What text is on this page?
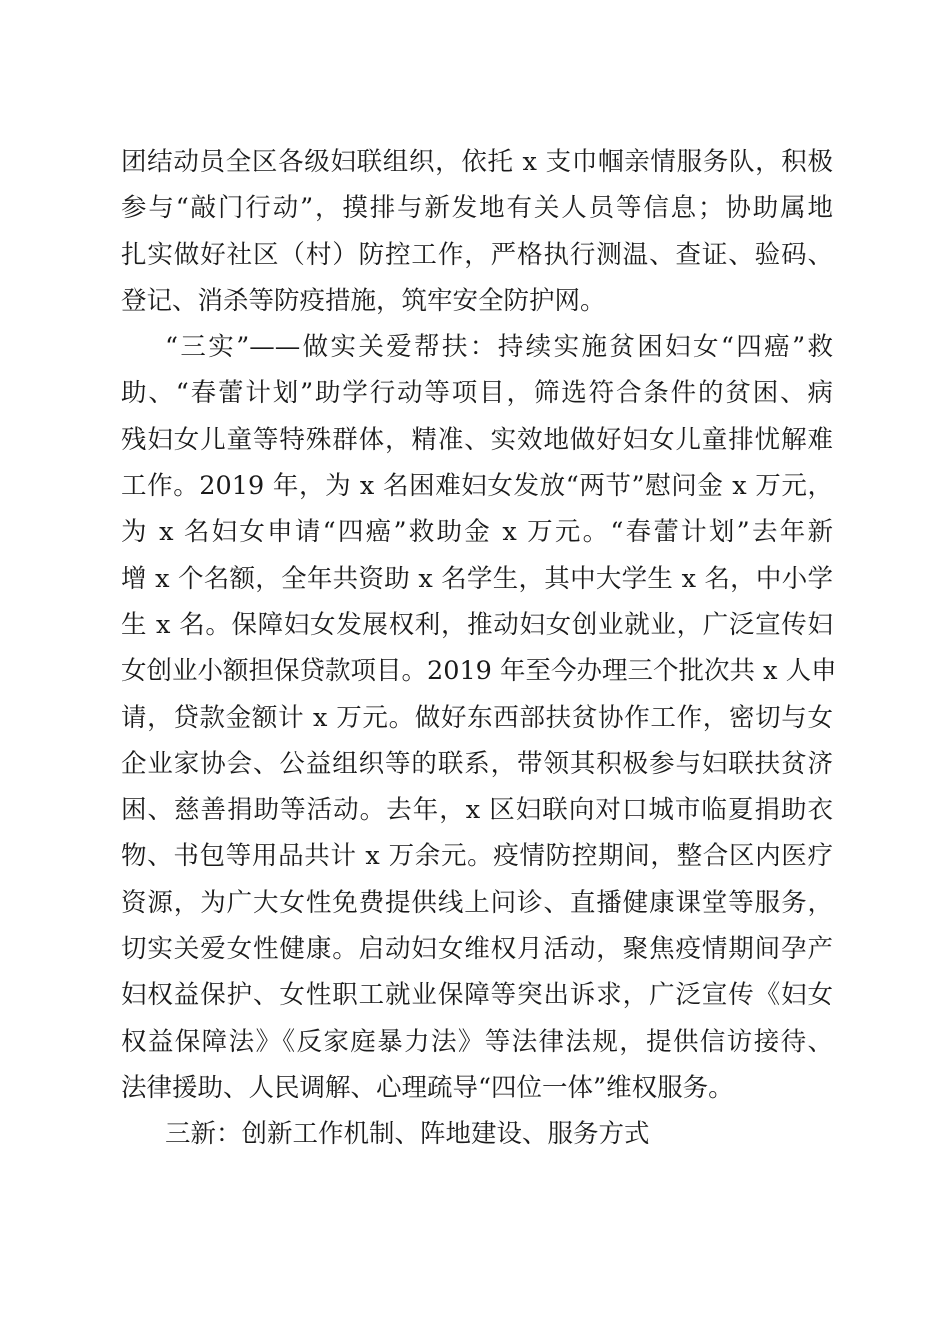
团结动员全区各级妇联组织，依托 x 支巾帼亲情服务队，积极
参与“敲门行动”，摸排与新发地有关人员等信息；协助属地
扎实做好社区（村）防控工作，严格执行测温、查证、验码、
登记、消杀等防疫措施，筑牢安全防护网。
“三实”——做实关爱帮扶：持续实施贫困妇女“四癌”救
助、“春蕾计划”助学行动等项目，筛选符合条件的贫困、病
残妇女儿童等特殊群体，精准、实效地做好妇女儿童排忧解难
工作。2019 年，为 x 名困难妇女发放“两节”慰问金 x 万元，
为 x 名妇女申请“四癌”救助金 x 万元。“春蕾计划”去年新
增 x 个名额，全年共资助 x 名学生，其中大学生 x 名，中小学
生 x 名。保障妇女发展权利，推动妇女创业就业，广泛宣传妇
女创业小额担保贷款项目。2019 年至今办理三个批次共 x 人申
请，贷款金额计 x 万元。做好东西部扶贫协作工作，密切与女
企业家协会、公益组织等的联系，带领其积极参与妇联扶贫济
困、慈善捐助等活动。去年，x 区妇联向对口城市临夏捐助衣
物、书包等用品共计 x 万余元。疫情防控期间，整合区内医疗
资源，为广大女性免费提供线上问诊、直播健康课堂等服务，
切实关爱女性健康。启动妇女维权月活动，聚焦疫情期间孕产
妇权益保护、女性职工就业保障等突出诉求，广泛宣传《妇女
权益保障法》《反家庭暴力法》等法律法规，提供信访接待、
法律援助、人民调解、心理疏导“四位一体”维权服务。
三新：创新工作机制、阵地建设、服务方式
